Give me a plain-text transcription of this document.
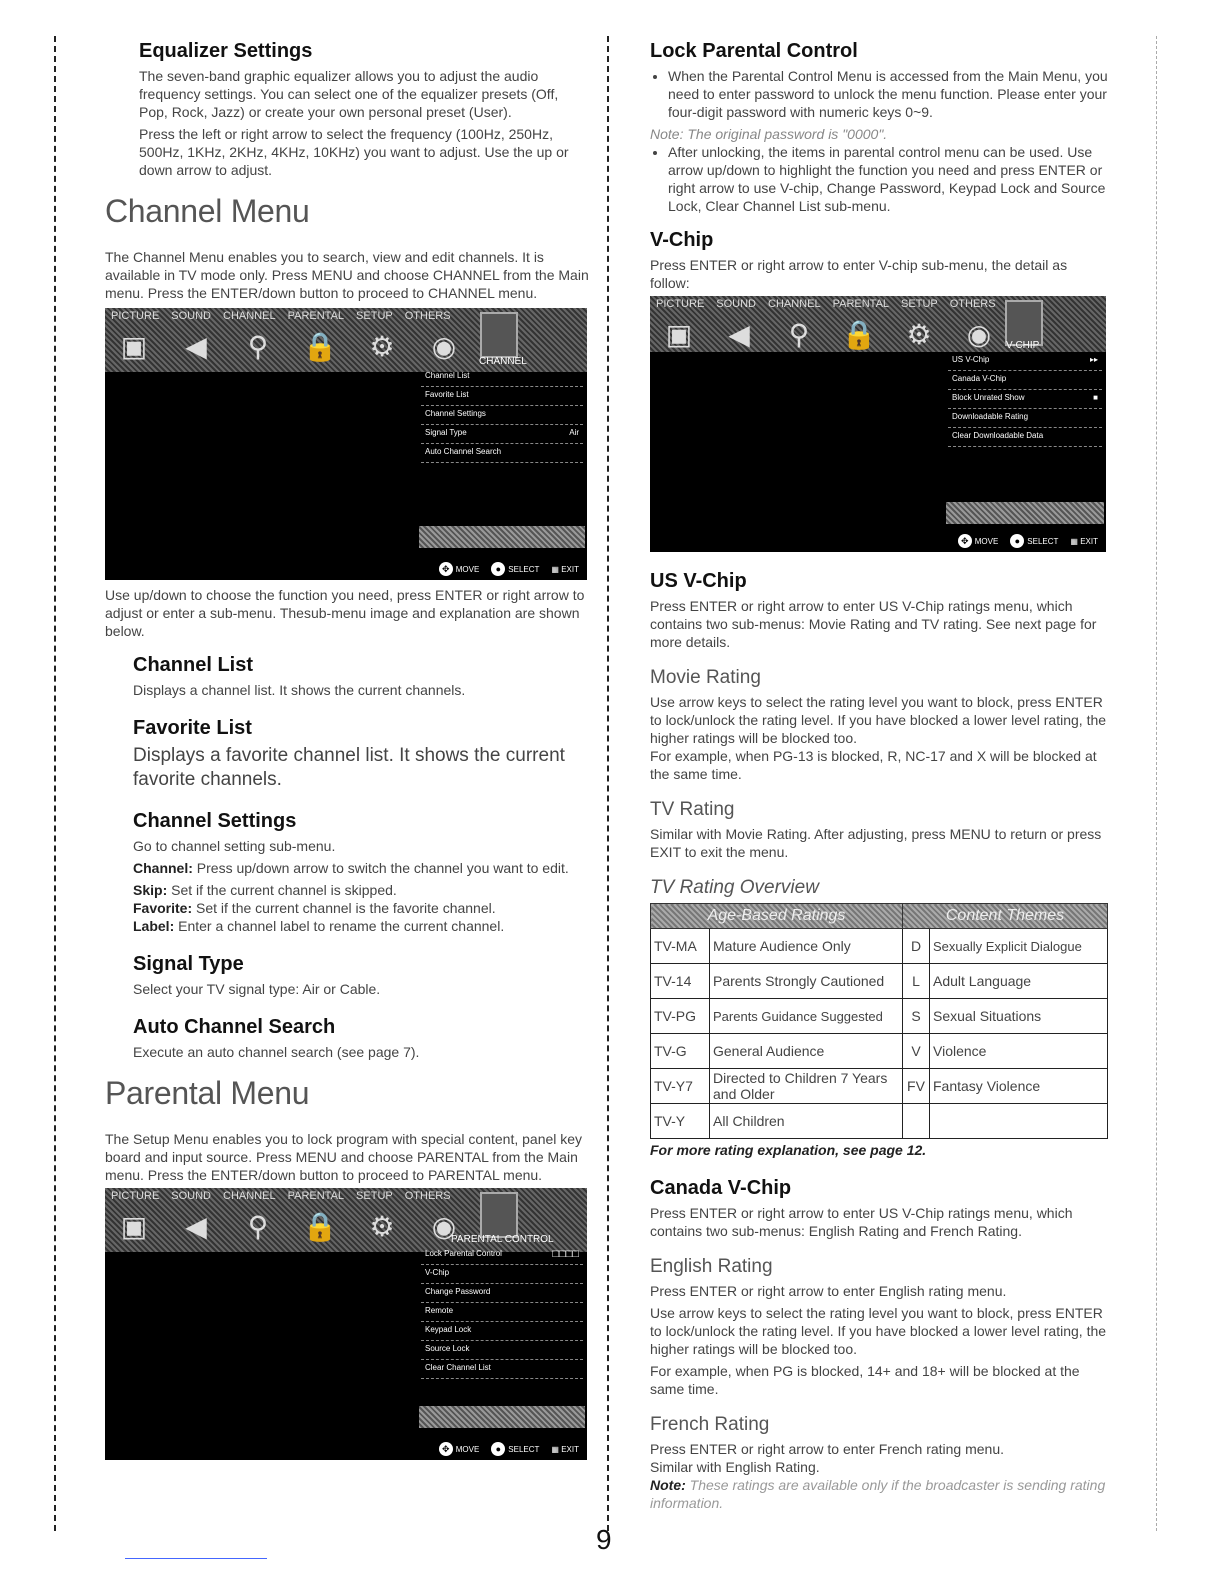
Equalizer Settings

The seven-band graphic equalizer allows you to adjust the audio frequency settings. You can select one of the equalizer presets (Off, Pop, Rock, Jazz) or create your own personal preset (User).

Press the left or right arrow to select the frequency (100Hz, 250Hz, 500Hz, 1KHz, 2KHz, 4KHz, 10KHz) you want to adjust. Use the up or down arrow to adjust.

Channel Menu

The Channel Menu enables you to search, view and edit channels. It is available in TV mode only. Press MENU and choose CHANNEL from the Main menu. Press the ENTER/down button to proceed to CHANNEL menu.

PICTURE SOUND CHANNEL PARENTAL SETUP OTHERS
▣	◀	⚲	🔒	⚙	◉	CHANNEL
Channel List
Favorite List
Channel Settings
Signal Type	Air
Auto Channel Search
✥ MOVE	● SELECT ▦ EXIT

Use up/down to choose the function you need, press ENTER or right arrow to adjust or enter a sub-menu. Thesub-menu image and explanation are shown below.

Channel List

Displays a channel list. It shows the current channels.

Favorite List

Displays a favorite channel list. It shows the current favorite channels.

Channel Settings

Go to channel setting sub-menu.

Channel: Press up/down arrow to switch the channel you want to edit.

Skip: Set if the current channel is skipped.

Favorite: Set if the current channel is the favorite channel.

Label: Enter a channel label to rename the current channel.

Signal Type

Select your TV signal type: Air or Cable.

Auto Channel Search

Execute an auto channel search (see page 7).

Parental Menu

The Setup Menu enables you to lock program with special content, panel key board and input source. Press MENU and choose PARENTAL from the Main menu. Press the ENTER/down button to proceed to PARENTAL menu.

PICTURE SOUND CHANNEL PARENTAL SETUP OTHERS
▣	◀	⚲	🔒	⚙	◉
PARENTAL CONTROL
Lock Parental Control	□□□□
V-Chip
Change Password
Remote
Keypad Lock
Source Lock
Clear Channel List
✥ MOVE	● SELECT ▦ EXIT
Lock Parental Control
• When the Parental Control Menu is accessed from the Main Menu, you need to enter password to unlock the menu function. Please enter your four-digit password with numeric keys 0~9.

Note: The original password is "0000".

• After unlocking, the items in parental control menu can be used. Use arrow up/down to highlight the function you need and press ENTER or right arrow to use V-chip, Change Password, Keypad Lock and Source Lock, Clear Channel List sub-menu.
V-Chip

Press ENTER or right arrow to enter V-chip sub-menu, the detail as follow:

PICTURE SOUND CHANNEL PARENTAL SETUP OTHERS
▣	◀	⚲	🔒	⚙	◉	V-CHIP
US V-Chip	▸▸
Canada V-Chip
Block Unrated Show	■
Downloadable Rating
Clear Downloadable Data
✥ MOVE	● SELECT ▦ EXIT
US V-Chip

Press ENTER or right arrow to enter US V-Chip ratings menu, which contains two sub-menus: Movie Rating and TV rating. See next page for more details.

Movie Rating

Use arrow keys to select the rating level you want to block, press ENTER to lock/unlock the rating level. If you have blocked a lower level rating, the higher ratings will be blocked too.

For example, when PG-13 is blocked, R, NC-17 and X will be blocked at the same time.

TV Rating

Similar with Movie Rating. After adjusting, press MENU to return or press EXIT to exit the menu.

TV Rating Overview
Age-Based Ratings		Content Themes	
TV-MA	Mature Audience Only	D	Sexually Explicit Dialogue
TV-14	Parents Strongly Cautioned	L	Adult Language
TV-PG	Parents Guidance Suggested	S	Sexual Situations
TV-G	General Audience	V	Violence
TV-Y7	Directed to Children 7 Years and Older	FV	Fantasy Violence
TV-Y	All Children		

For more rating explanation, see page 12.

Canada V-Chip

Press ENTER or right arrow to enter US V-Chip ratings menu, which contains two sub-menus: English Rating and French Rating.

English Rating

Press ENTER or right arrow to enter English rating menu.

Use arrow keys to select the rating level you want to block, press ENTER to lock/unlock the rating level. If you have blocked a lower level rating, the higher ratings will be blocked too.

For example, when PG is blocked, 14+ and 18+ will be blocked at the same time.

French Rating

Press ENTER or right arrow to enter French rating menu.

Similar with English Rating.

Note: These ratings are available only if the broadcaster is sending rating information.

9
